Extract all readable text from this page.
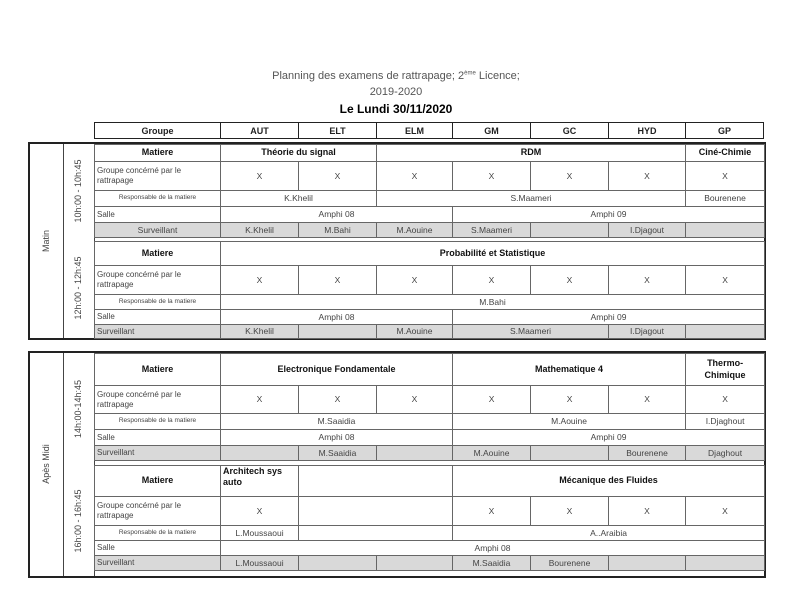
Planning des examens de rattrapage; 2ème Licence;
2019-2020
Le Lundi 30/11/2020
Groupe	AUT	ELT	ELM	GM	GC	HYD	GP
Matin
10h:00 - 10h:45
12h:00 - 12h:45
Matiere	Théorie du signal		RDM				Ciné-Chimie
Groupe concérné par le rattrapage	X	X	X	X	X	X	X
Responsable de la matiere	K.Khelil		S.Maameri				Bourenene
Salle	Amphi 08			Amphi 09			
Surveillant	K.Khelil	M.Bahi	M.Aouine	S.Maameri		I.Djagout	
Matiere	Probabilité et Statistique						
Groupe concérné par le rattrapage	X	X	X	X	X	X	X
Responsable de la matiere	M.Bahi						
Salle	Amphi 08			Amphi 09			
Surveillant	K.Khelil		M.Aouine	S.Maameri		I.Djagout	
Apès Midi
14h:00-14h:45
16h:00 - 16h:45
Matiere	Electronique Fondamentale			Mathematique 4			Thermo-Chimique
Groupe concérné par le rattrapage	X	X	X	X	X	X	X
Responsable de la matiere	M.Saaidia			M.Aouine			I.Djaghout
Salle	Amphi 08			Amphi 09			
Surveillant		M.Saaidia		M.Aouine		Bourenene	Djaghout
Matiere	Architech sys auto			Mécanique des Fluides			
Groupe concérné par le rattrapage	X			X	X	X	X
Responsable de la matiere	L.Moussaoui			A..Araibia			
Salle	Amphi 08						
Surveillant	L.Moussaoui			M.Saaidia	Bourenene		
